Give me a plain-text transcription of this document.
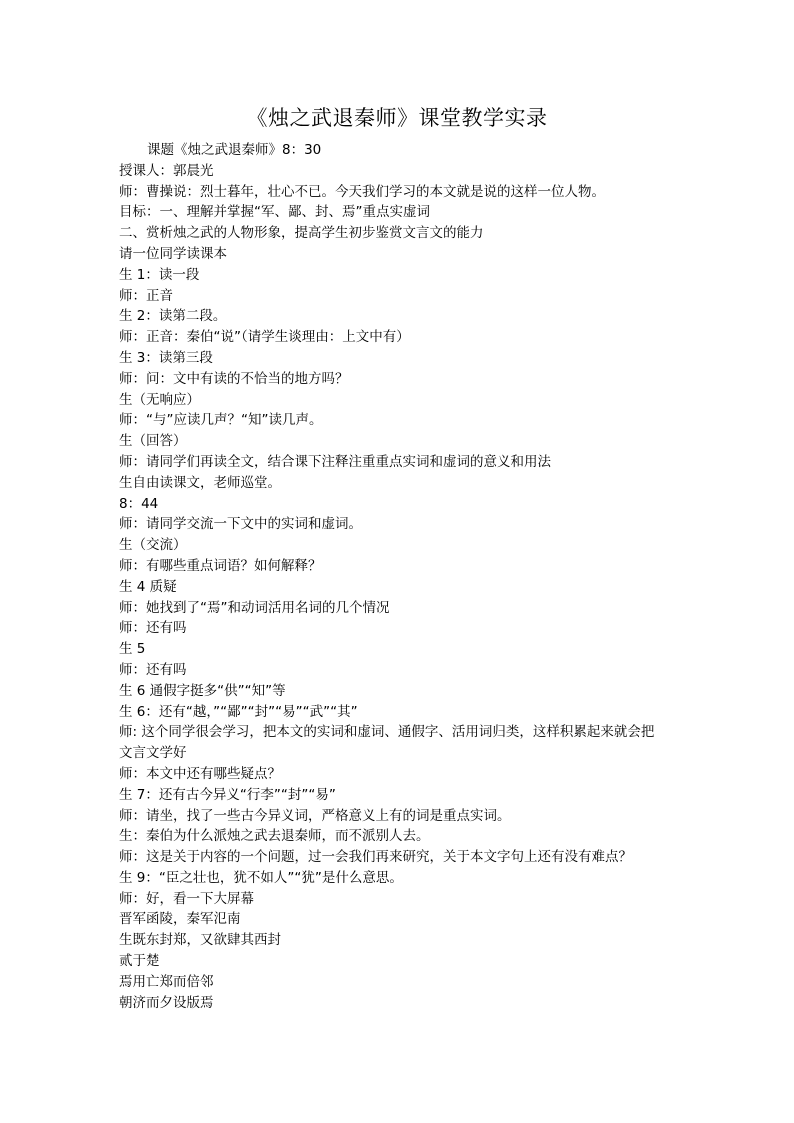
《烛之武退秦师》课堂教学实录
课题《烛之武退秦师》8：30
授课人：郭晨光
师：曹操说：烈士暮年，壮心不已。今天我们学习的本文就是说的这样一位人物。
目标：一、理解并掌握“军、鄙、封、焉”重点实虚词
二、赏析烛之武的人物形象，提高学生初步鉴赏文言文的能力
请一位同学读课本
生 1：读一段
师：正音
生 2：读第二段。
师：正音：秦伯“说”（请学生谈理由：上文中有）
生 3：读第三段
师：问：文中有读的不恰当的地方吗？
生（无响应）
师：“与”应读几声？“知”读几声。
生（回答）
师：请同学们再读全文，结合课下注释注重重点实词和虚词的意义和用法
生自由读课文，老师巡堂。
8：44
师：请同学交流一下文中的实词和虚词。
生（交流）
师：有哪些重点词语？如何解释？
生 4 质疑
师：她找到了“焉”和动词活用名词的几个情况
师：还有吗
生 5
师：还有吗
生 6 通假字挺多“供”“知”等
生 6：还有“越，”“鄙”“封”“易”“武”“其”
师: 这个同学很会学习，把本文的实词和虚词、通假字、活用词归类，这样积累起来就会把
文言文学好
师：本文中还有哪些疑点？
生 7：还有古今异义“行李”“封”“易”
师：请坐，找了一些古今异义词，严格意义上有的词是重点实词。
生：秦伯为什么派烛之武去退秦师，而不派别人去。
师：这是关于内容的一个问题，过一会我们再来研究，关于本文字句上还有没有难点？
生 9：“臣之壮也，犹不如人”“犹”是什么意思。
师：好，看一下大屏幕
晋军函陵，秦军氾南
生既东封郑，又欲肆其西封
贰于楚
焉用亡郑而倍邻
朝济而夕设版焉
